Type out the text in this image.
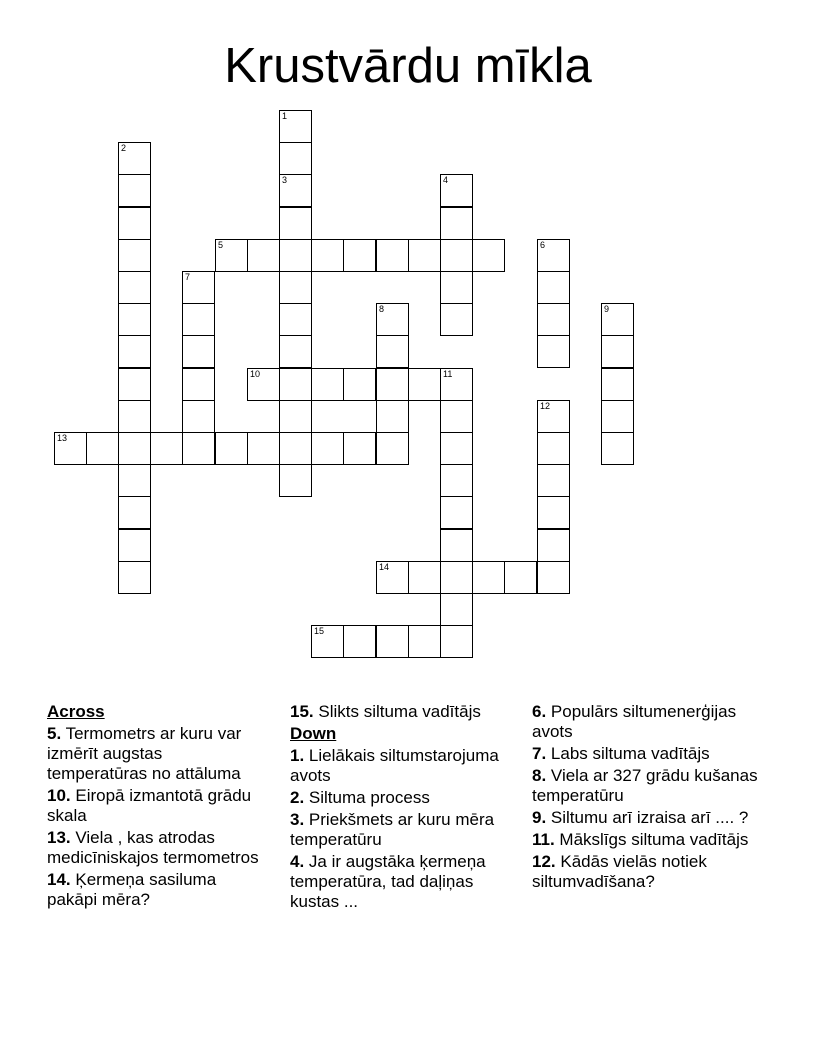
Krustvārdu mīkla
1
3
2
4
5	6
7
8	9
10	11
12
13
14
15
Across
5. Termometrs ar kuru var izmērīt augstas temperatūras no attāluma
10. Eiropā izmantotā grādu skala
13. Viela , kas atrodas medicīniskajos termometros
14. Ķermeņa sasiluma pakāpi mēra?
15. Slikts siltuma vadītājs
Down
1. Lielākais siltumstarojuma avots
2. Siltuma process
3. Priekšmets ar kuru mēra temperatūru
4. Ja ir augstāka ķermeņa temperatūra, tad daļiņas kustas ...
6. Populārs siltumenerģijas avots
7. Labs siltuma vadītājs
8. Viela ar 327 grādu kušanas temperatūru
9. Siltumu arī izraisa arī .... ?
11. Mākslīgs siltuma vadītājs
12. Kādās vielās notiek siltumvadīšana?
